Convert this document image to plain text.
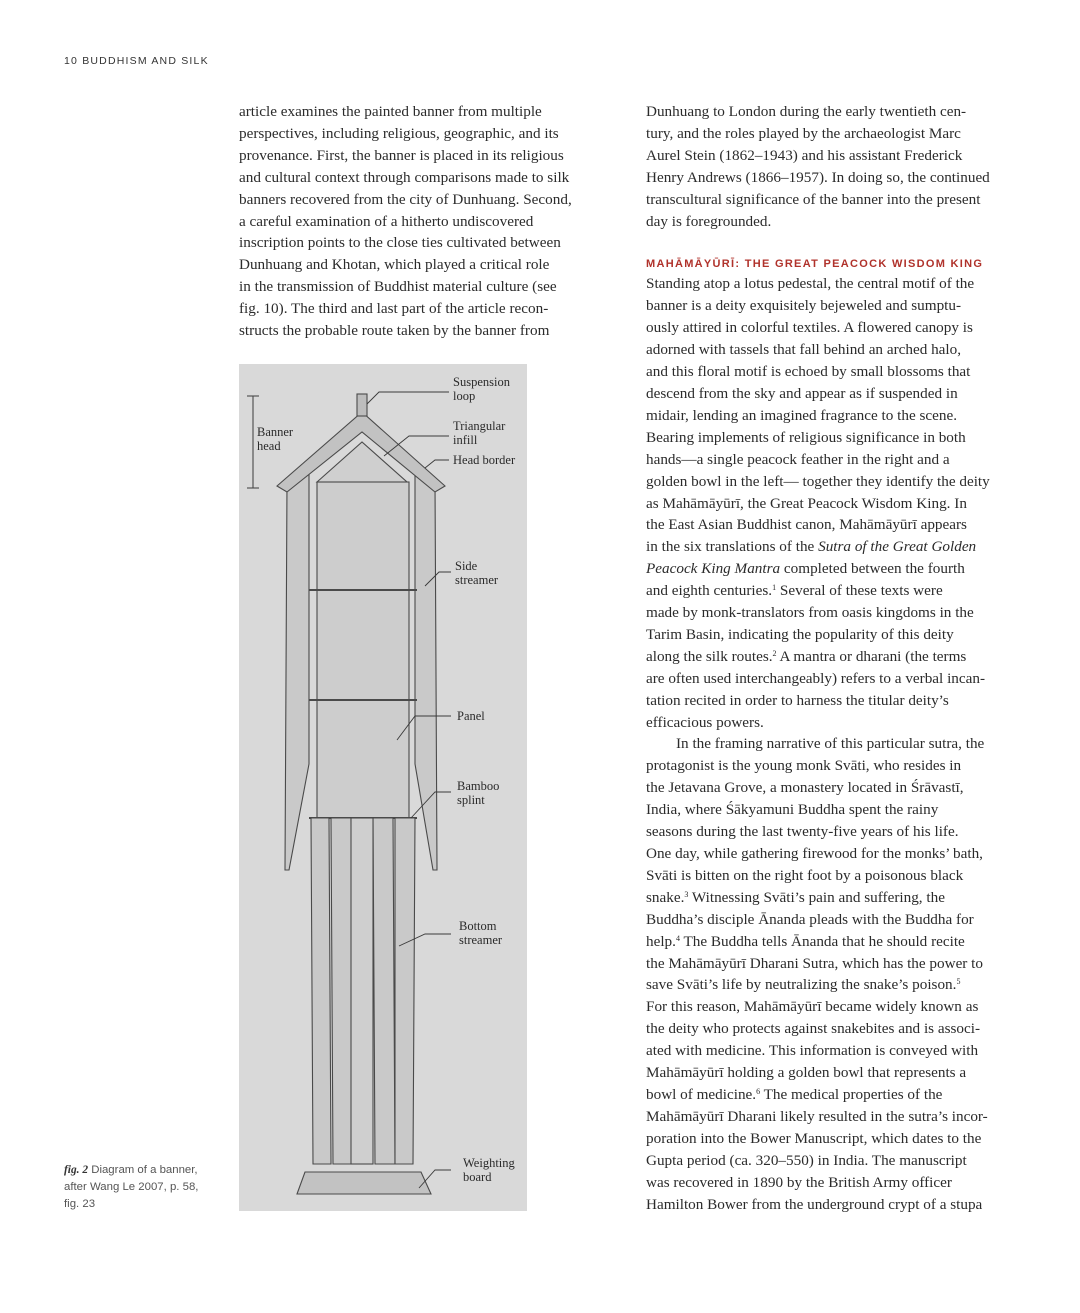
10 BUDDHISM AND SILK

article examines the painted banner from multiple
perspectives, including religious, geographic, and its
provenance. First, the banner is placed in its religious
and cultural context through comparisons made to silk
banners recovered from the city of Dunhuang. Second,
a careful examination of a hitherto undiscovered
inscription points to the close ties cultivated between
Dunhuang and Khotan, which played a critical role
in the transmission of Buddhist material culture (see
fig. 10). The third and last part of the article recon-
structs the probable route taken by the banner from

Banner head
Suspension loop
Triangular infill
Head border
Side streamer
Panel
Bamboo splint
Bottom streamer
Weighting board
fig. 2 Diagram of a banner,
after Wang Le 2007, p. 58,
fig. 23

Dunhuang to London during the early twentieth cen-
tury, and the roles played by the archaeologist Marc
Aurel Stein (1862–1943) and his assistant Frederick
Henry Andrews (1866–1957). In doing so, the continued
transcultural significance of the banner into the present
day is foregrounded.

MAHĀMĀYŪRĪ: THE GREAT PEACOCK WISDOM KING

Standing atop a lotus pedestal, the central motif of the
banner is a deity exquisitely bejeweled and sumptu-
ously attired in colorful textiles. A flowered canopy is
adorned with tassels that fall behind an arched halo,
and this floral motif is echoed by small blossoms that
descend from the sky and appear as if suspended in
midair, lending an imagined fragrance to the scene.
Bearing implements of religious significance in both
hands—a single peacock feather in the right and a
golden bowl in the left— together they identify the deity
as Mahāmāyūrī, the Great Peacock Wisdom King. In
the East Asian Buddhist canon, Mahāmāyūrī appears
in the six translations of the Sutra of the Great Golden
Peacock King Mantra completed between the fourth
and eighth centuries.$^1$ Several of these texts were
made by monk-translators from oasis kingdoms in the
Tarim Basin, indicating the popularity of this deity
along the silk routes.$^2$ A mantra or dharani (the terms
are often used interchangeably) refers to a verbal incan-
tation recited in order to harness the titular deity’s
efficacious powers.

In the framing narrative of this particular sutra, the
protagonist is the young monk Svāti, who resides in
the Jetavana Grove, a monastery located in Śrāvastī,
India, where Śākyamuni Buddha spent the rainy
seasons during the last twenty-five years of his life.
One day, while gathering firewood for the monks’ bath,
Svāti is bitten on the right foot by a poisonous black
snake.$^3$ Witnessing Svāti’s pain and suffering, the
Buddha’s disciple Ānanda pleads with the Buddha for
help.$^4$ The Buddha tells Ānanda that he should recite
the Mahāmāyūrī Dharani Sutra, which has the power to
save Svāti’s life by neutralizing the snake’s poison.$^5$
For this reason, Mahāmāyūrī became widely known as
the deity who protects against snakebites and is associ-
ated with medicine. This information is conveyed with
Mahāmāyūrī holding a golden bowl that represents a
bowl of medicine.$^6$ The medical properties of the
Mahāmāyūrī Dharani likely resulted in the sutra’s incor-
poration into the Bower Manuscript, which dates to the
Gupta period (ca. 320–550) in India. The manuscript
was recovered in 1890 by the British Army officer
Hamilton Bower from the underground crypt of a stupa
